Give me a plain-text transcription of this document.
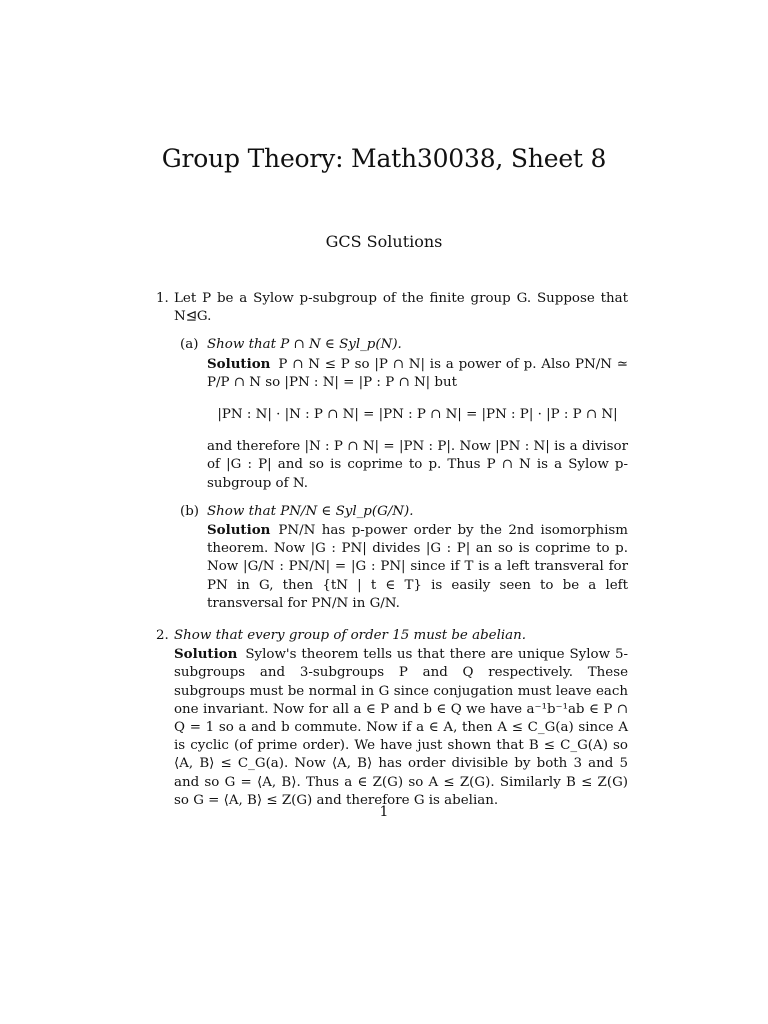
Group Theory: Math30038, Sheet 8
GCS Solutions
1. Let P be a Sylow p-subgroup of the finite group G. Suppose that N⊴G.
(a) Show that P ∩ N ∈ Syl_p(N).
Solution P ∩ N ≤ P so |P ∩ N| is a power of p. Also PN/N ≃ P/P ∩ N so |PN : N| = |P : P ∩ N| but
|PN : N| · |N : P ∩ N| = |PN : P ∩ N| = |PN : P| · |P : P ∩ N|
and therefore |N : P ∩ N| = |PN : P|. Now |PN : N| is a divisor of |G : P| and so is coprime to p. Thus P ∩ N is a Sylow p-subgroup of N.
(b) Show that PN/N ∈ Syl_p(G/N).
Solution PN/N has p-power order by the 2nd isomorphism theorem. Now |G : PN| divides |G : P| an so is coprime to p. Now |G/N : PN/N| = |G : PN| since if T is a left transveral for PN in G, then {tN | t ∈ T} is easily seen to be a left transversal for PN/N in G/N.
2. Show that every group of order 15 must be abelian.
Solution Sylow's theorem tells us that there are unique Sylow 5-subgroups and 3-subgroups P and Q respectively. These subgroups must be normal in G since conjugation must leave each one invariant. Now for all a ∈ P and b ∈ Q we have a⁻¹b⁻¹ab ∈ P ∩ Q = 1 so a and b commute. Now if a ∈ A, then A ≤ C_G(a) since A is cyclic (of prime order). We have just shown that B ≤ C_G(A) so ⟨A, B⟩ ≤ C_G(a). Now ⟨A, B⟩ has order divisible by both 3 and 5 and so G = ⟨A, B⟩. Thus a ∈ Z(G) so A ≤ Z(G). Similarly B ≤ Z(G) so G = ⟨A, B⟩ ≤ Z(G) and therefore G is abelian.
1
